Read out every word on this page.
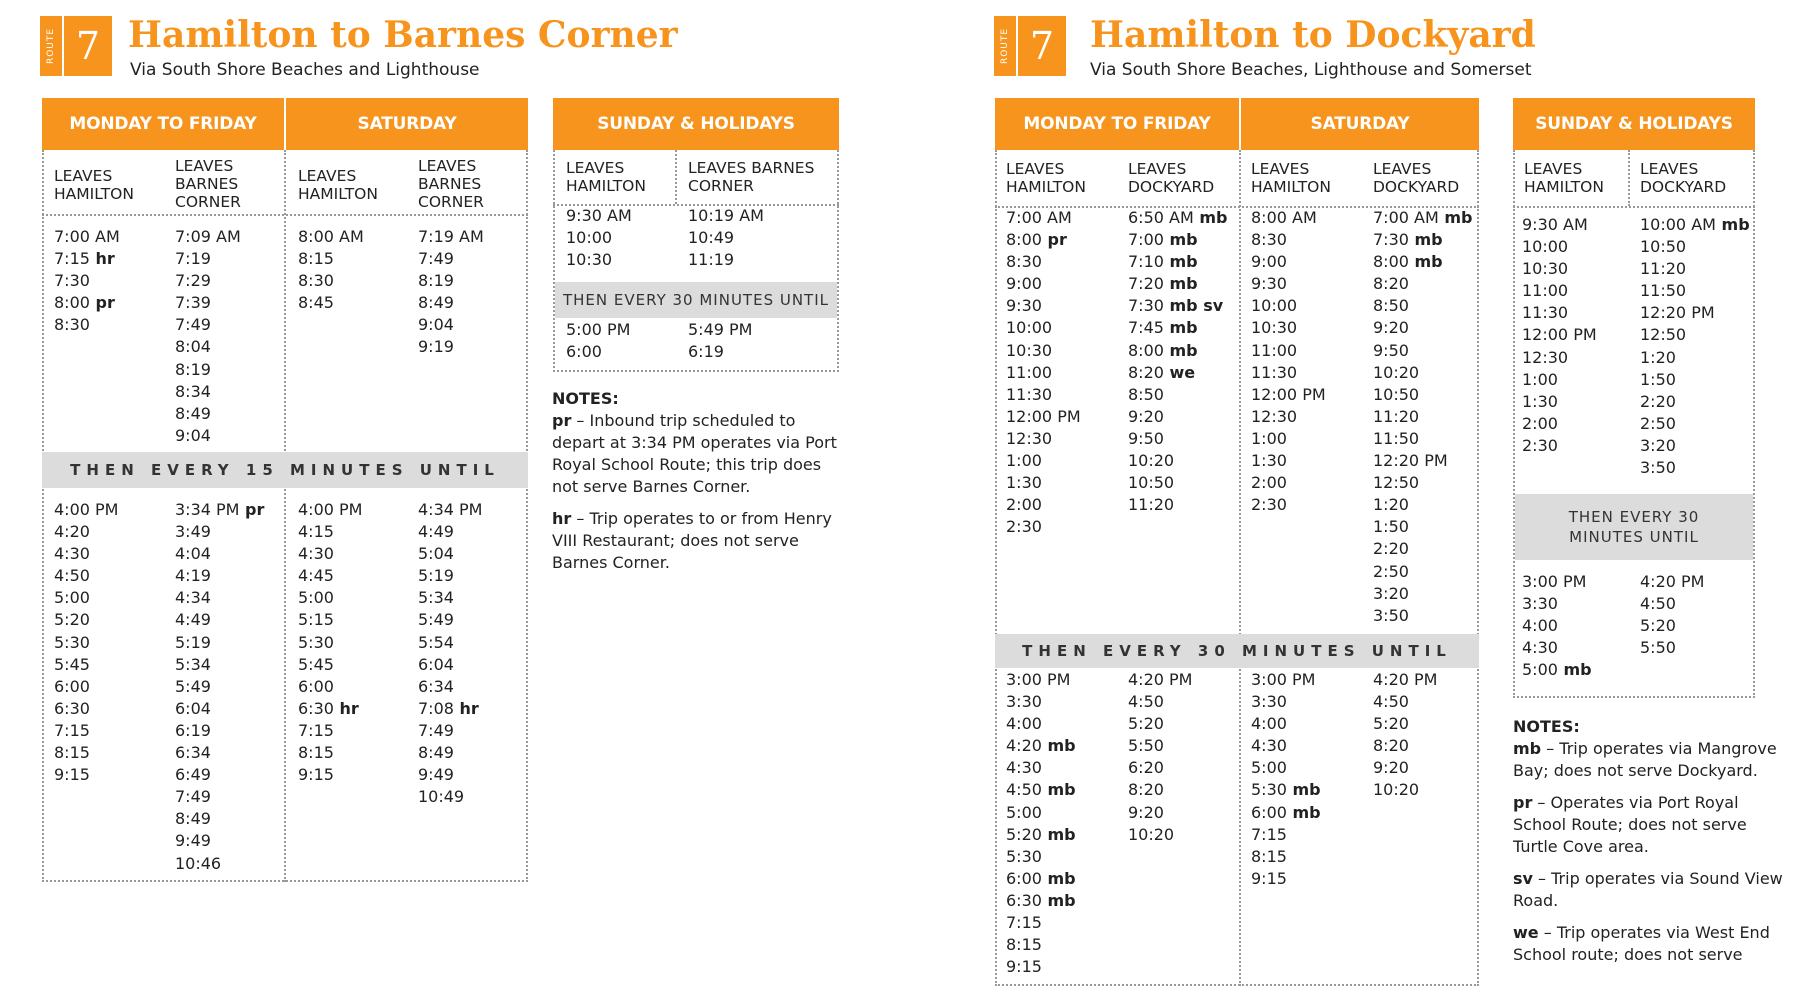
ROUTE 7 Hamilton to Barnes Corner
Via South Shore Beaches and Lighthouse
MONDAY TO FRIDAY	SATURDAY
LEAVES HAMILTON
LEAVES BARNES CORNER
LEAVES HAMILTON
LEAVES BARNES CORNER
7:00 AM
7:15 hr
7:30
8:00 pr
8:30
7:09 AM
7:19
7:29
7:39
7:49
8:04
8:19
8:34
8:49
9:04
8:00 AM
8:15
8:30
8:45
7:19 AM
7:49
8:19
8:49
9:04
9:19
THEN EVERY 15 MINUTES UNTIL
4:00 PM
4:20
4:30
4:50
5:00
5:20
5:30
5:45
6:00
6:30
7:15
8:15
9:15
3:34 PM pr
3:49
4:04
4:19
4:34
4:49
5:19
5:34
5:49
6:04
6:19
6:34
6:49
7:49
8:49
9:49
10:46
4:00 PM
4:15
4:30
4:45
5:00
5:15
5:30
5:45
6:00
6:30 hr
7:15
8:15
9:15
4:34 PM
4:49
5:04
5:19
5:34
5:49
5:54
6:04
6:34
7:08 hr
7:49
8:49
9:49
10:49
SUNDAY & HOLIDAYS
LEAVES HAMILTON
LEAVES BARNES CORNER
9:30 AM
10:00
10:30
10:19 AM
10:49
11:19
THEN EVERY 30 MINUTES UNTIL
5:00 PM
6:00
5:49 PM
6:19
NOTES:

pr – Inbound trip scheduled to depart at 3:34 PM operates via Port Royal School Route; this trip does not serve Barnes Corner.

hr – Trip operates to or from Henry VIII Restaurant; does not serve Barnes Corner.

ROUTE 7 Hamilton to Dockyard
Via South Shore Beaches, Lighthouse and Somerset
MONDAY TO FRIDAY	SATURDAY
LEAVES HAMILTON
LEAVES DOCKYARD
LEAVES HAMILTON
LEAVES DOCKYARD
7:00 AM
8:00 pr
8:30
9:00
9:30
10:00
10:30
11:00
11:30
12:00 PM
12:30
1:00
1:30
2:00
2:30
6:50 AM mb
7:00 mb
7:10 mb
7:20 mb
7:30 mb sv
7:45 mb
8:00 mb
8:20 we
8:50
9:20
9:50
10:20
10:50
11:20
8:00 AM
8:30
9:00
9:30
10:00
10:30
11:00
11:30
12:00 PM
12:30
1:00
1:30
2:00
2:30
7:00 AM mb
7:30 mb
8:00 mb
8:20
8:50
9:20
9:50
10:20
10:50
11:20
11:50
12:20 PM
12:50
1:20
1:50
2:20
2:50
3:20
3:50
THEN EVERY 30 MINUTES UNTIL
3:00 PM
3:30
4:00
4:20 mb
4:30
4:50 mb
5:00
5:20 mb
5:30
6:00 mb
6:30 mb
7:15
8:15
9:15
4:20 PM
4:50
5:20
5:50
6:20
8:20
9:20
10:20
3:00 PM
3:30
4:00
4:30
5:00
5:30 mb
6:00 mb
7:15
8:15
9:15
4:20 PM
4:50
5:20
8:20
9:20
10:20
SUNDAY & HOLIDAYS
LEAVES HAMILTON
LEAVES DOCKYARD
9:30 AM
10:00
10:30
11:00
11:30
12:00 PM
12:30
1:00
1:30
2:00
2:30
10:00 AM mb
10:50
11:20
11:50
12:20 PM
12:50
1:20
1:50
2:20
2:50
3:20
3:50
THEN EVERY 30 MINUTES UNTIL
3:00 PM
3:30
4:00
4:30
5:00 mb
4:20 PM
4:50
5:20
5:50
NOTES:

mb – Trip operates via Mangrove Bay; does not serve Dockyard.

pr – Operates via Port Royal School Route; does not serve Turtle Cove area.

sv – Trip operates via Sound View Road.

we – Trip operates via West End School route; does not serve
